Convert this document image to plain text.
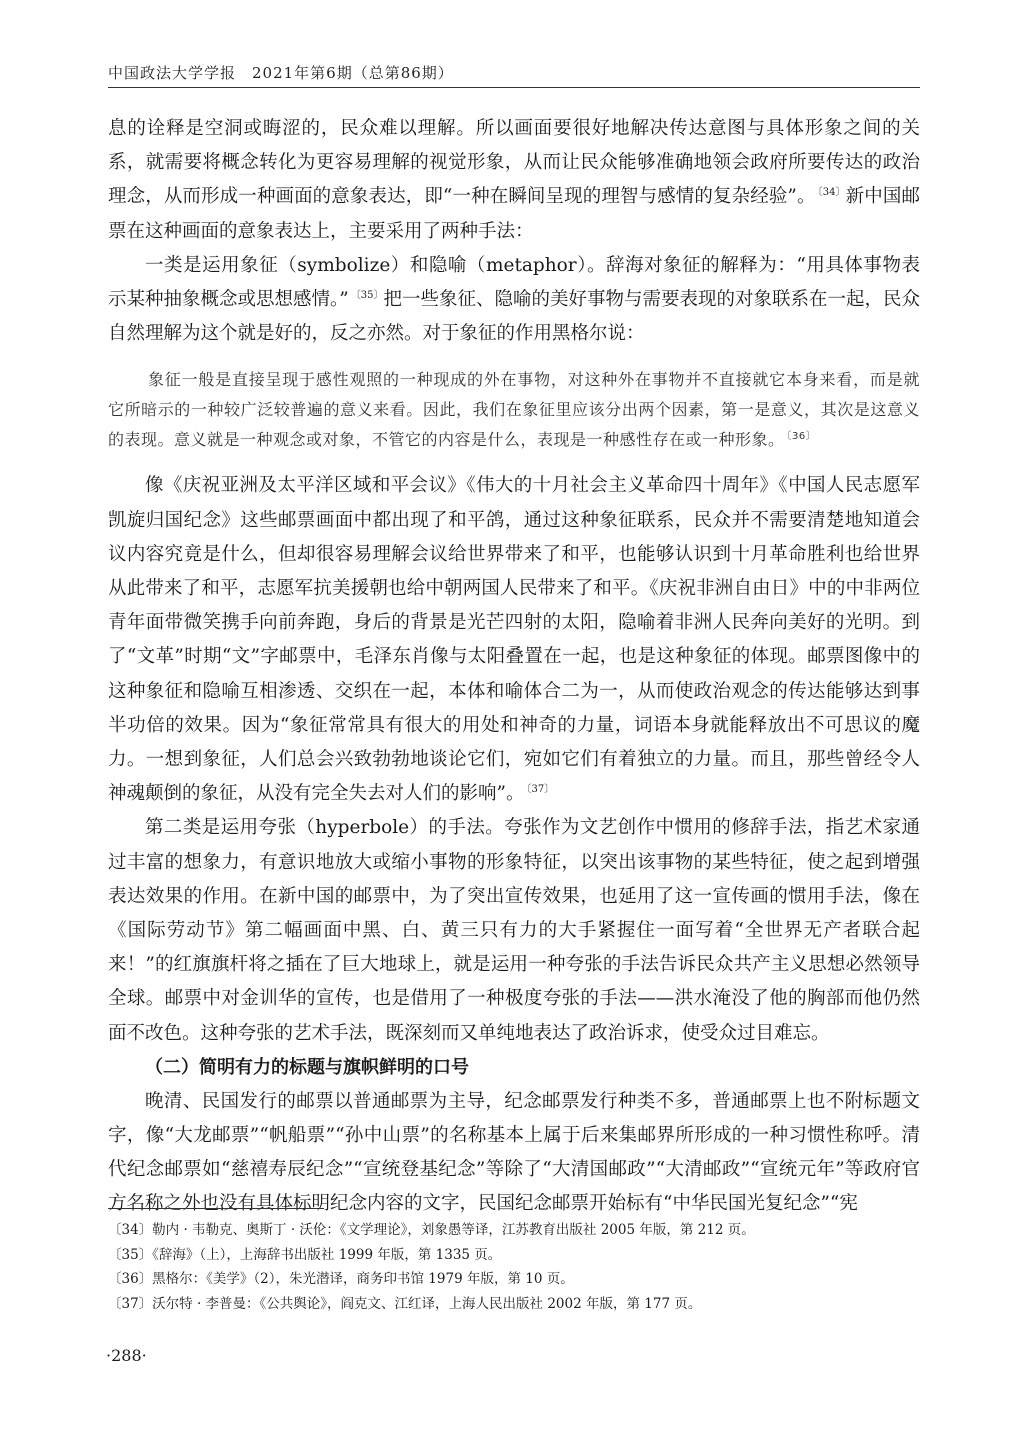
中国政法大学学报　2021年第6期（总第86期）

息的诠释是空洞或晦涩的，民众难以理解。所以画面要很好地解决传达意图与具体形象之间的关系，就需要将概念转化为更容易理解的视觉形象，从而让民众能够准确地领会政府所要传达的政治理念，从而形成一种画面的意象表达，即“一种在瞬间呈现的理智与感情的复杂经验”。 $^{〔34〕}$新中国邮票在这种画面的意象表达上，主要采用了两种手法：

一类是运用象征（symbolize）和隐喻（metaphor）。辞海对象征的解释为：“用具体事物表示某种抽象概念或思想感情。” $^{〔35〕}$把一些象征、隐喻的美好事物与需要表现的对象联系在一起，民众自然理解为这个就是好的，反之亦然。对于象征的作用黑格尔说：

象征一般是直接呈现于感性观照的一种现成的外在事物，对这种外在事物并不直接就它本身来看，而是就它所暗示的一种较广泛较普遍的意义来看。因此，我们在象征里应该分出两个因素，第一是意义，其次是这意义的表现。意义就是一种观念或对象，不管它的内容是什么，表现是一种感性存在或一种形象。 $^{〔36〕}$

像《庆祝亚洲及太平洋区域和平会议》《伟大的十月社会主义革命四十周年》《中国人民志愿军凯旋归国纪念》这些邮票画面中都出现了和平鸽，通过这种象征联系，民众并不需要清楚地知道会议内容究竟是什么，但却很容易理解会议给世界带来了和平，也能够认识到十月革命胜利也给世界从此带来了和平，志愿军抗美援朝也给中朝两国人民带来了和平。《庆祝非洲自由日》中的中非两位青年面带微笑携手向前奔跑，身后的背景是光芒四射的太阳，隐喻着非洲人民奔向美好的光明。到了“文革”时期“文”字邮票中，毛泽东肖像与太阳叠置在一起，也是这种象征的体现。邮票图像中的这种象征和隐喻互相渗透、交织在一起，本体和喻体合二为一，从而使政治观念的传达能够达到事半功倍的效果。因为“象征常常具有很大的用处和神奇的力量，词语本身就能释放出不可思议的魔力。一想到象征，人们总会兴致勃勃地谈论它们，宛如它们有着独立的力量。而且，那些曾经令人神魂颠倒的象征，从没有完全失去对人们的影响”。 $^{〔37〕}$

第二类是运用夸张（hyperbole）的手法。夸张作为文艺创作中惯用的修辞手法，指艺术家通过丰富的想象力，有意识地放大或缩小事物的形象特征，以突出该事物的某些特征，使之起到增强表达效果的作用。在新中国的邮票中，为了突出宣传效果，也延用了这一宣传画的惯用手法，像在《国际劳动节》第二幅画面中黑、白、黄三只有力的大手紧握住一面写着“全世界无产者联合起来！”的红旗旗杆将之插在了巨大地球上，就是运用一种夸张的手法告诉民众共产主义思想必然领导全球。邮票中对金训华的宣传，也是借用了一种极度夸张的手法——洪水淹没了他的胸部而他仍然面不改色。这种夸张的艺术手法，既深刻而又单纯地表达了政治诉求，使受众过目难忘。

（二）简明有力的标题与旗帜鲜明的口号

晚清、民国发行的邮票以普通邮票为主导，纪念邮票发行种类不多，普通邮票上也不附标题文字，像“大龙邮票”“帆船票”“孙中山票”的名称基本上属于后来集邮界所形成的一种习惯性称呼。清代纪念邮票如“慈禧寿辰纪念”“宣统登基纪念”等除了“大清国邮政”“大清邮政”“宣统元年”等政府官方名称之外也没有具体标明纪念内容的文字，民国纪念邮票开始标有“中华民国光复纪念”“宪

〔34〕勒内 · 韦勒克、奥斯丁 · 沃伦：《文学理论》，刘象愚等译，江苏教育出版社 2005 年版，第 212 页。

〔35〕《辞海》（上），上海辞书出版社 1999 年版，第 1335 页。

〔36〕黑格尔：《美学》（2），朱光潜译，商务印书馆 1979 年版，第 10 页。

〔37〕沃尔特 · 李普曼：《公共舆论》，阎克文、江红译，上海人民出版社 2002 年版，第 177 页。

·288·
